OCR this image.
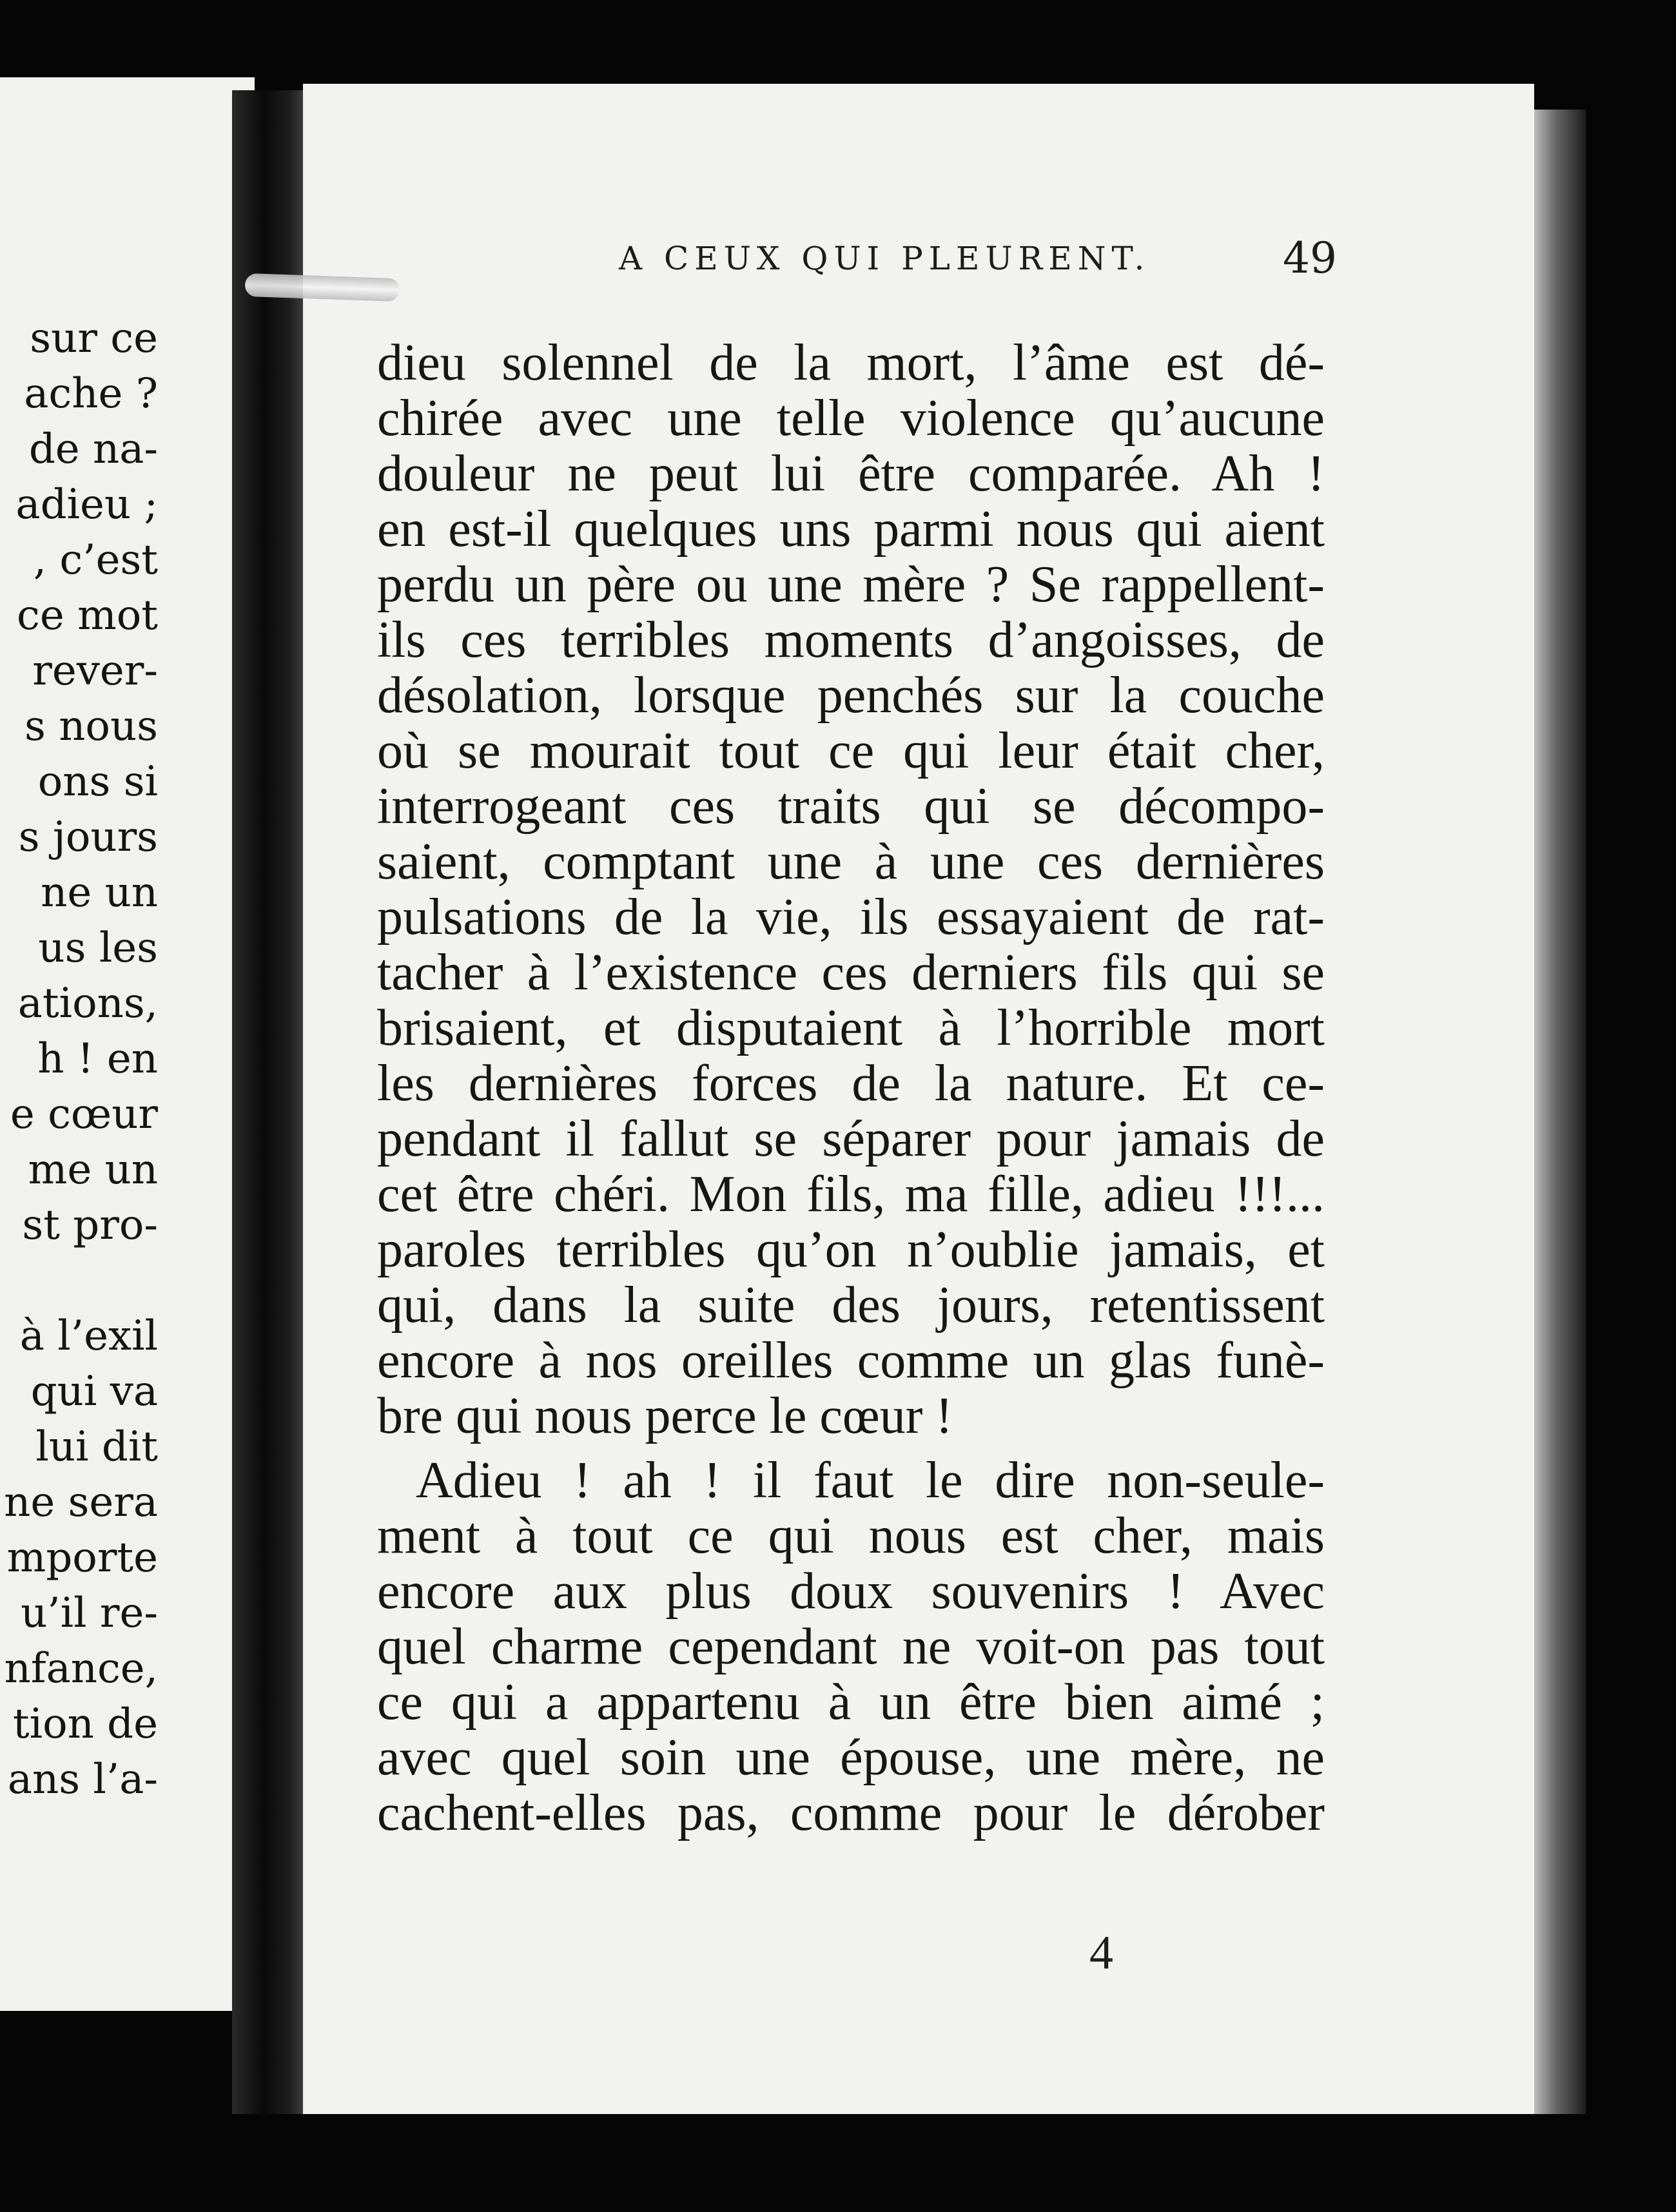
sur ce
ache ?
de na-
adieu ;
, c’est
ce mot
rever-
s nous
ons si
s jours
ne un
us les
ations,
h ! en
e cœur
me un
st pro-
à l’exil
qui va
lui dit
ne sera
mporte
u’il re-
nfance,
tion de
ans l’a-
A CEUX QUI PLEURENT.	49
dieu solennel de la mort, l’âme est dé-
chirée avec une telle violence qu’aucune
douleur ne peut lui être comparée. Ah !
en est-il quelques uns parmi nous qui aient
perdu un père ou une mère ? Se rappellent-
ils ces terribles moments d’angoisses, de
désolation, lorsque penchés sur la couche
où se mourait tout ce qui leur était cher,
interrogeant ces traits qui se décompo-
saient, comptant une à une ces dernières
pulsations de la vie, ils essayaient de rat-
tacher à l’existence ces derniers fils qui se
brisaient, et disputaient à l’horrible mort
les dernières forces de la nature. Et ce-
pendant il fallut se séparer pour jamais de
cet être chéri. Mon fils, ma fille, adieu !!!...
paroles terribles qu’on n’oublie jamais, et
qui, dans la suite des jours, retentissent
encore à nos oreilles comme un glas funè-
bre qui nous perce le cœur !
Adieu ! ah ! il faut le dire non-seule-
ment à tout ce qui nous est cher, mais
encore aux plus doux souvenirs ! Avec
quel charme cependant ne voit-on pas tout
ce qui a appartenu à un être bien aimé ;
avec quel soin une épouse, une mère, ne
cachent-elles pas, comme pour le dérober
4
